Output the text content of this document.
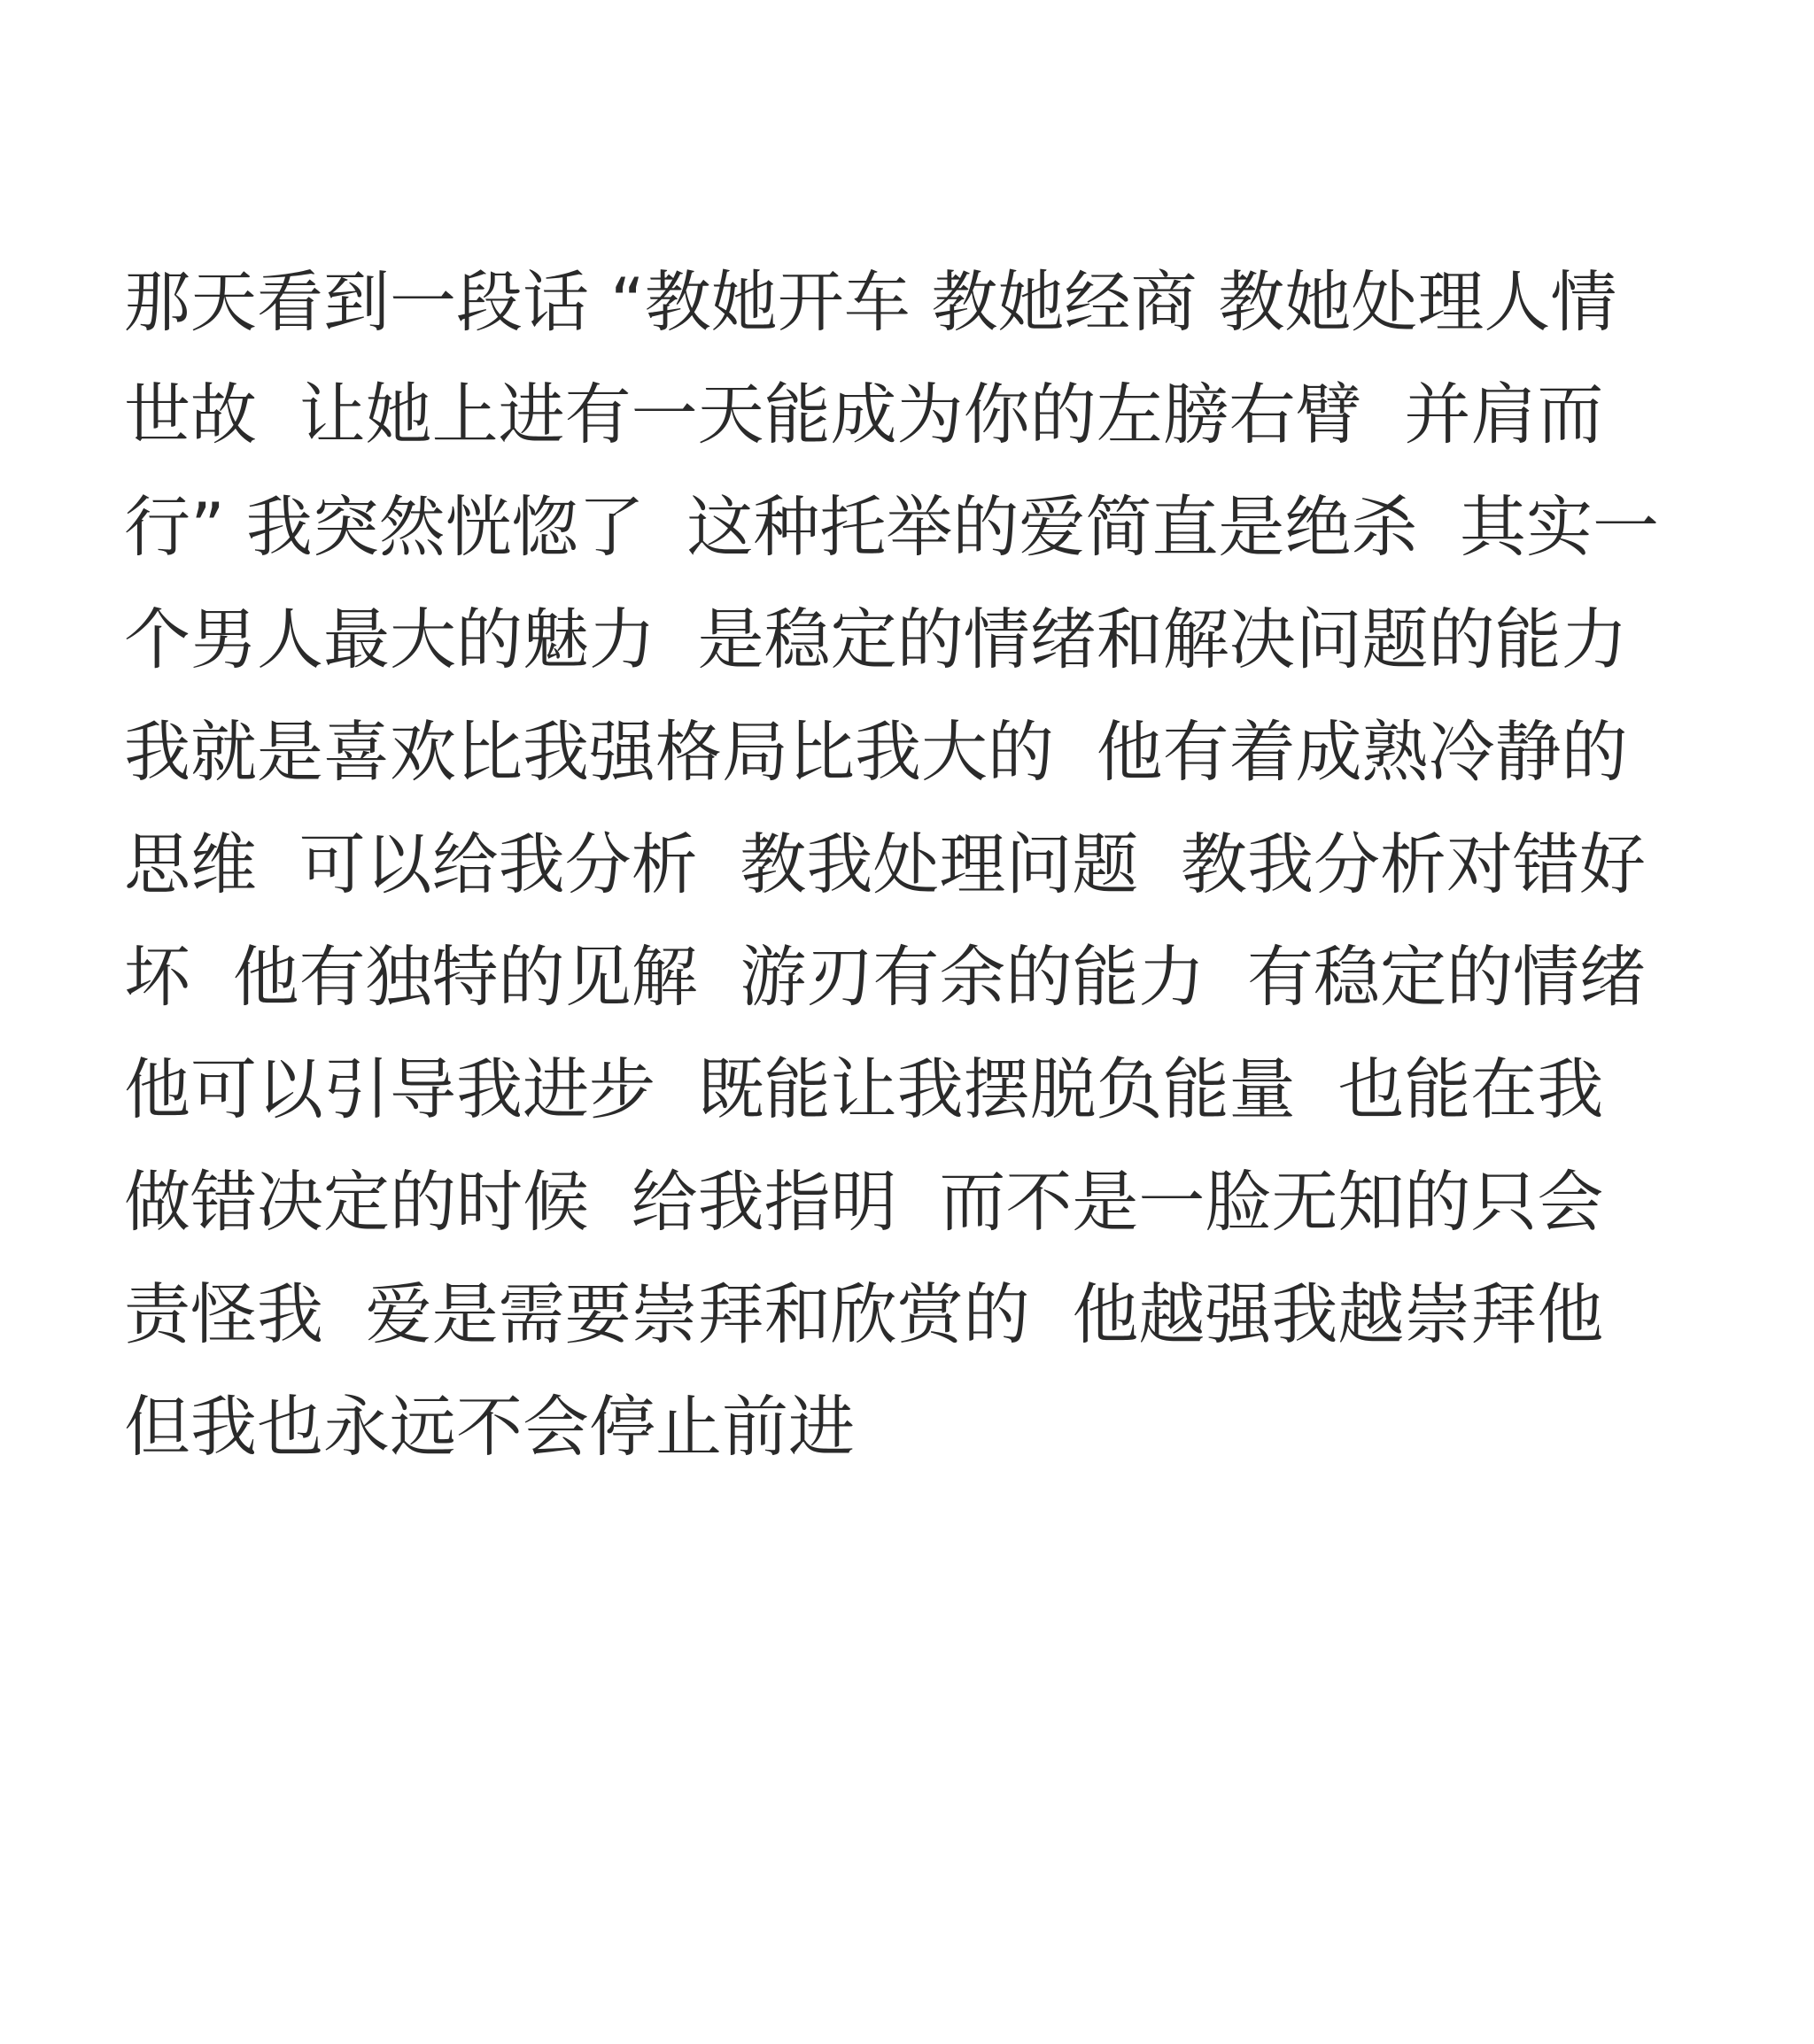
那天看到一段话 “教她开车 教她经商 教她处理人情
世故  让她上进有一天能成为你的左膀右臂  并肩而
行” 我突然恍惚了  这种托举的爱简直是绝杀  其实一
个男人最大的魅力  是稳定的情绪和解决问题的能力
我就是喜欢比我强格局比我大的  他有着成熟冷静的
思维  可以给我分析  教我处理问题  教我分析对错好
坏  他有独特的见解  游刃有余的能力  有稳定的情绪
他可以引导我进步  既能让我摆脱负能量  也能在我
做错决定的时候  给我指明  而不是一脸无知的只会
责怪我  爱是需要崇拜和欣赏的  他越强我越崇拜他
但我也永远不会停止前进
